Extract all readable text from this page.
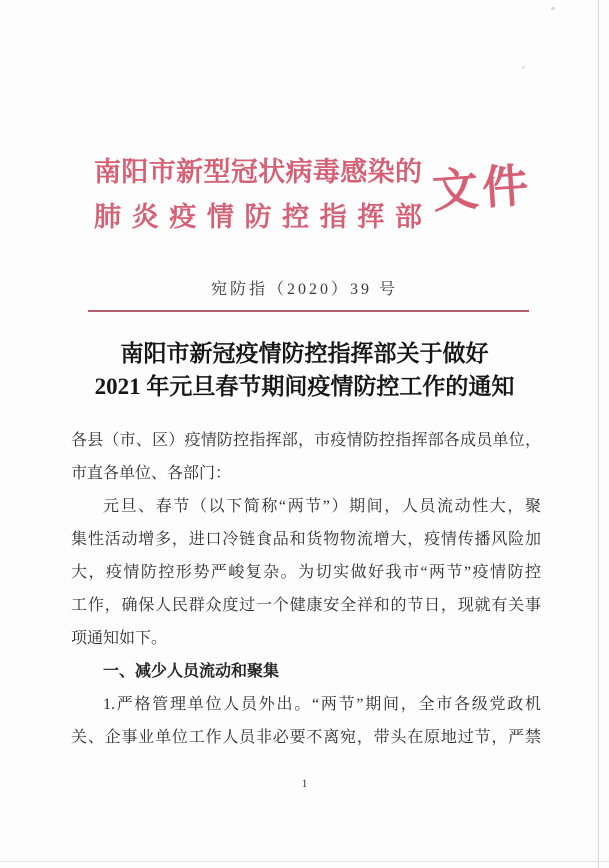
南阳市新型冠状病毒感染的
肺炎疫情防控指挥部 文件
宛防指（2020）39 号
南阳市新冠疫情防控指挥部关于做好
2021 年元旦春节期间疫情防控工作的通知
各县（市、区）疫情防控指挥部，市疫情防控指挥部各成员单位，
市直各单位、各部门：
元旦、春节（以下简称“两节”）期间，人员流动性大，聚
集性活动增多，进口冷链食品和货物物流增大，疫情传播风险加
大，疫情防控形势严峻复杂。为切实做好我市“两节”疫情防控
工作，确保人民群众度过一个健康安全祥和的节日，现就有关事
项通知如下。
一、减少人员流动和聚集
1.严格管理单位人员外出。“两节”期间，全市各级党政机
关、企事业单位工作人员非必要不离宛，带头在原地过节，严禁
1
